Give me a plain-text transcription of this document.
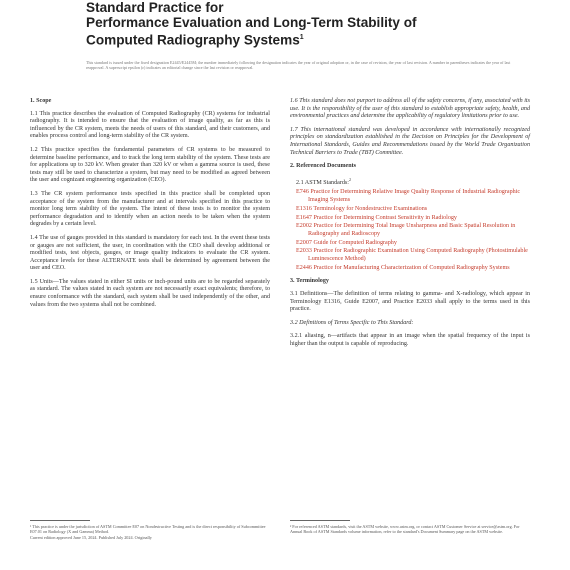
Standard Practice for
Performance Evaluation and Long-Term Stability of
Computed Radiography Systems$^1$
This standard is issued under the fixed designation E2445/E2445M; the number immediately following the designation indicates the year of original adoption or, in the case of revision, the year of last revision. A number in parentheses indicates the year of last reapproval. A superscript epsilon (ε) indicates an editorial change since the last revision or reapproval.
1. Scope

1.1 This practice describes the evaluation of Computed Radiography (CR) systems for industrial radiography. It is intended to ensure that the evaluation of image quality, as far as this is influenced by the CR system, meets the needs of users of this standard, and their customers, and enables process control and long-term stability of the CR system.

1.2 This practice specifies the fundamental parameters of CR systems to be measured to determine baseline performance, and to track the long term stability of the system. These tests are for applications up to 320 kV. When greater than 320 kV or when a gamma source is used, these tests may still be used to characterize a system, but may need to be modified as agreed between the user and cognizant engineering organization (CEO).

1.3 The CR system performance tests specified in this practice shall be completed upon acceptance of the system from the manufacturer and at intervals specified in this practice to monitor long term stability of the system. The intent of these tests is to monitor the system performance degradation and to identify when an action needs to be taken when the system degrades by a certain level.

1.4 The use of gauges provided in this standard is mandatory for each test. In the event these tests or gauges are not sufficient, the user, in coordination with the CEO shall develop additional or modified tests, test objects, gauges, or image quality indicators to evaluate the CR system. Acceptance levels for these ALTERNATE tests shall be determined by agreement between the user and CEO.

1.5 Units—The values stated in either SI units or inch-pound units are to be regarded separately as standard. The values stated in each system are not necessarily exact equivalents; therefore, to ensure conformance with the standard, each system shall be used independently of the other, and values from the two systems shall not be combined.

1.6 This standard does not purport to address all of the safety concerns, if any, associated with its use. It is the responsibility of the user of this standard to establish appropriate safety, health, and environmental practices and determine the applicability of regulatory limitations prior to use.

1.7 This international standard was developed in accordance with internationally recognized principles on standardization established in the Decision on Principles for the Development of International Standards, Guides and Recommendations issued by the World Trade Organization Technical Barriers to Trade (TBT) Committee.

2. Referenced Documents

2.1 ASTM Standards:$^2$

E746 Practice for Determining Relative Image Quality Response of Industrial Radiographic Imaging Systems
E1316 Terminology for Nondestructive Examinations
E1647 Practice for Determining Contrast Sensitivity in Radiology
E2002 Practice for Determining Total Image Unsharpness and Basic Spatial Resolution in Radiography and Radioscopy
E2007 Guide for Computed Radiography
E2033 Practice for Radiographic Examination Using Computed Radiography (Photostimulable Luminescence Method)
E2446 Practice for Manufacturing Characterization of Computed Radiography Systems
3. Terminology

3.1 Definitions—The definition of terms relating to gamma- and X-radiology, which appear in Terminology E1316, Guide E2007, and Practice E2033 shall apply to the terms used in this practice.

3.2 Definitions of Terms Specific to This Standard:

3.2.1 aliasing, n—artifacts that appear in an image when the spatial frequency of the input is higher than the output is capable of reproducing.

¹ This practice is under the jurisdiction of ASTM Committee E07 on Nondestructive Testing and is the direct responsibility of Subcommittee E07.01 on Radiology (X and Gamma) Method.
Current edition approved June 15, 2024. Published July 2024. Originally
² For referenced ASTM standards, visit the ASTM website, www.astm.org, or contact ASTM Customer Service at service@astm.org. For Annual Book of ASTM Standards volume information, refer to the standard's Document Summary page on the ASTM website.
